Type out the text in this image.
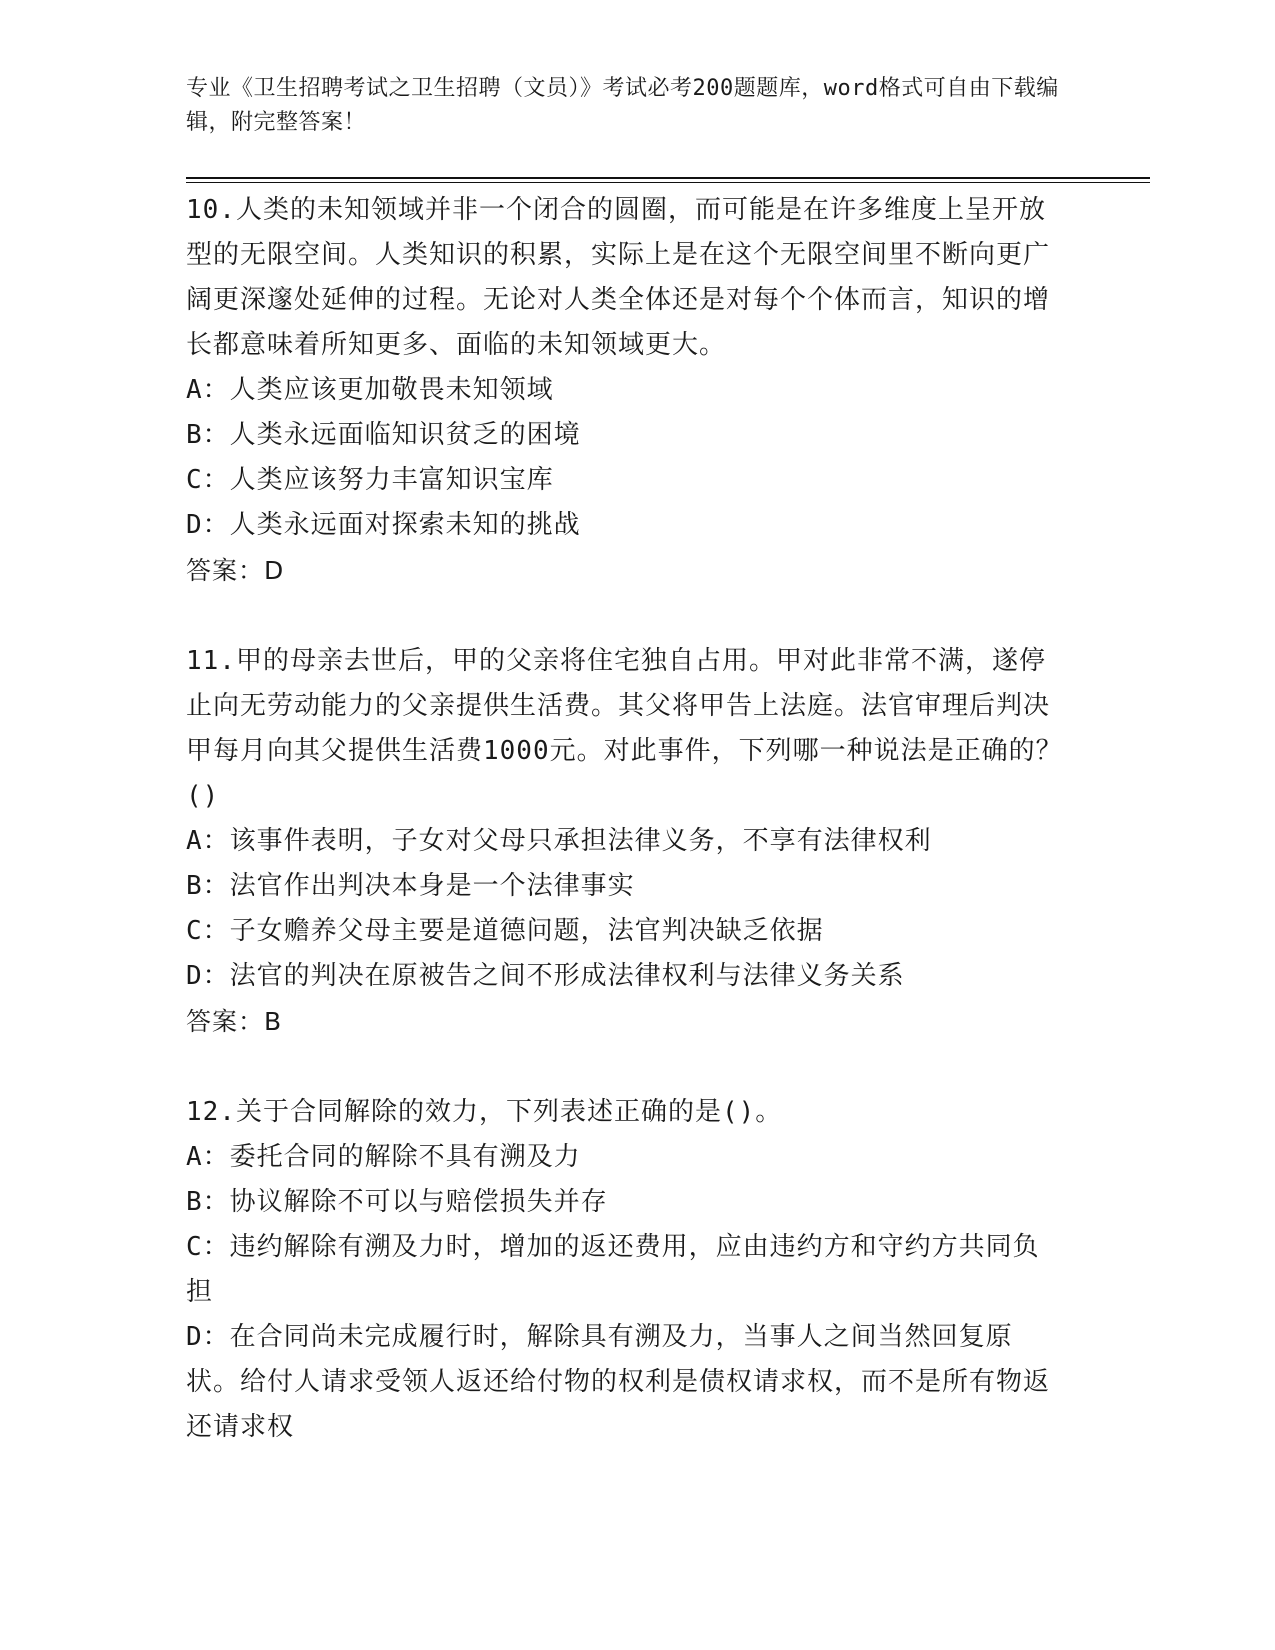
专业《卫生招聘考试之卫生招聘（文员）》考试必考200题题库，word格式可自由下载编辑，附完整答案！

10.人类的未知领域并非一个闭合的圆圈，而可能是在许多维度上呈开放型的无限空间。人类知识的积累，实际上是在这个无限空间里不断向更广阔更深邃处延伸的过程。无论对人类全体还是对每个个体而言，知识的增长都意味着所知更多、面临的未知领域更大。

A：人类应该更加敬畏未知领域

B：人类永远面临知识贫乏的困境

C：人类应该努力丰富知识宝库

D：人类永远面对探索未知的挑战

答案：D

11.甲的母亲去世后，甲的父亲将住宅独自占用。甲对此非常不满，遂停止向无劳动能力的父亲提供生活费。其父将甲告上法庭。法官审理后判决甲每月向其父提供生活费1000元。对此事件，下列哪一种说法是正确的？()

A：该事件表明，子女对父母只承担法律义务，不享有法律权利

B：法官作出判决本身是一个法律事实

C：子女赡养父母主要是道德问题，法官判决缺乏依据

D：法官的判决在原被告之间不形成法律权利与法律义务关系

答案：B

12.关于合同解除的效力，下列表述正确的是()。

A：委托合同的解除不具有溯及力

B：协议解除不可以与赔偿损失并存

C：违约解除有溯及力时，增加的返还费用，应由违约方和守约方共同负担

D：在合同尚未完成履行时，解除具有溯及力，当事人之间当然回复原状。给付人请求受领人返还给付物的权利是债权请求权，而不是所有物返还请求权
